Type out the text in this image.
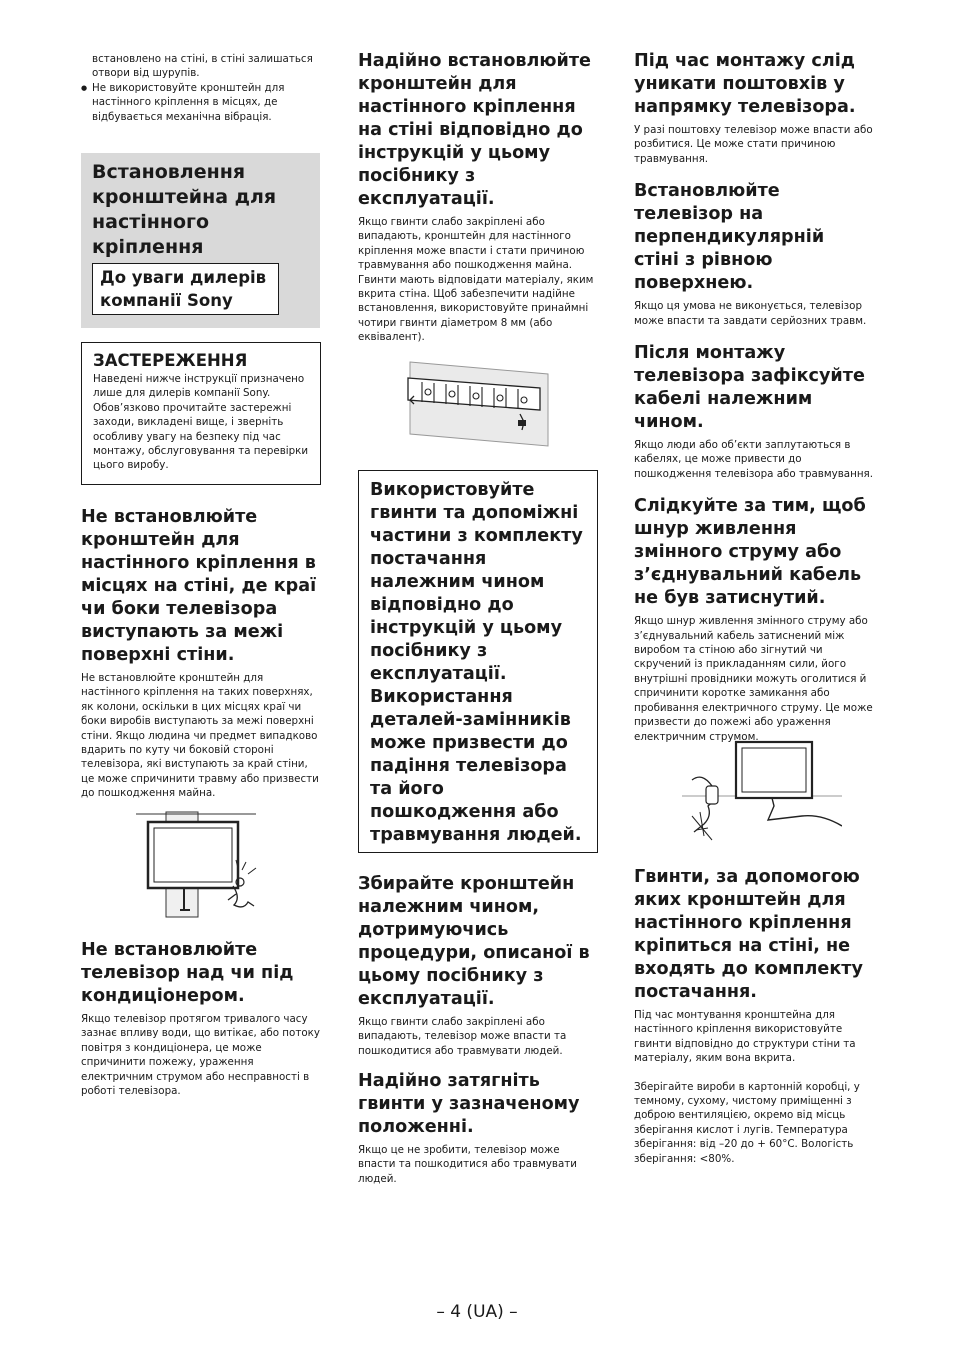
встановлено на стіні, в стіні залишаться отвори від шурупів.
● Не використовуйте кронштейн для настінного кріплення в місцях, де відбувається механічна вібрація.

Встановлення кронштейна для настінного кріплення

До уваги дилерів компанії Sony

ЗАСТЕРЕЖЕННЯ

Наведені нижче інструкції призначено лише для дилерів компанії Sony. Обов’язково прочитайте застережні заходи, викладені вище, і зверніть особливу увагу на безпеку під час монтажу, обслуговування та перевірки цього виробу.

Не встановлюйте кронштейн для настінного кріплення в місцях на стіні, де краї чи боки телевізора виступають за межі поверхні стіни.

Не встановлюйте кронштейн для настінного кріплення на таких поверхнях, як колони, оскільки в цих місцях краї чи боки виробів виступають за межі поверхні стіни. Якщо людина чи предмет випадково вдарить по куту чи боковій стороні телевізора, які виступають за край стіни, це може спричинити травму або призвести до пошкодження майна.

Не встановлюйте телевізор над чи під кондиціонером.

Якщо телевізор протягом тривалого часу зазнає впливу води, що витікає, або потоку повітря з кондиціонера, це може спричинити пожежу, ураження електричним струмом або несправності в роботі телевізора.

Надійно встановлюйте кронштейн для настінного кріплення на стіні відповідно до інструкцій у цьому посібнику з експлуатації.

Якщо гвинти слабо закріплені або випадають, кронштейн для настінного кріплення може впасти і стати причиною травмування або пошкодження майна. Гвинти мають відповідати матеріалу, яким вкрита стіна. Щоб забезпечити надійне встановлення, використовуйте принаймні чотири гвинти діаметром 8 мм (або еквівалент).

Використовуйте гвинти та допоміжні частини з комплекту постачання належним чином відповідно до інструкцій у цьому посібнику з експлуатації. Використання деталей-замінників може призвести до падіння телевізора та його пошкодження або травмування людей.

Збирайте кронштейн належним чином, дотримуючись процедури, описаної в цьому посібнику з експлуатації.

Якщо гвинти слабо закріплені або випадають, телевізор може впасти та пошкодитися або травмувати людей.

Надійно затягніть гвинти у зазначеному положенні.

Якщо це не зробити, телевізор може впасти та пошкодитися або травмувати людей.

Під час монтажу слід уникати поштовхів у напрямку телевізора.

У разі поштовху телевізор може впасти або розбитися. Це може стати причиною травмування.

Встановлюйте телевізор на перпендикулярній стіні з рівною поверхнею.

Якщо ця умова не виконується, телевізор може впасти та завдати серйозних травм.

Після монтажу телевізора зафіксуйте кабелі належним чином.

Якщо люди або об’єкти заплутаються в кабелях, це може привести до пошкодження телевізора або травмування.

Слідкуйте за тим, щоб шнур живлення змінного струму або з’єднувальний кабель не був затиснутий.

Якщо шнур живлення змінного струму або з’єднувальний кабель затиснений між виробом та стіною або зігнутий чи скручений із прикладанням сили, його внутрішні провідники можуть оголитися й спричинити коротке замикання або пробивання електричного струму. Це може призвести до пожежі або ураження електричним струмом.

Гвинти, за допомогою яких кронштейн для настінного кріплення кріпиться на стіні, не входять до комплекту постачання.

Під час монтування кронштейна для настінного кріплення використовуйте гвинти відповідно до структури стіни та матеріалу, яким вона вкрита.

Зберігайте вироби в картонній коробці, у темному, сухому, чистому приміщенні з доброю вентиляцією, окремо від місць зберігання кислот і лугів. Температура зберігання: від –20 до + 60°C. Вологість зберігання: <80%.

– 4 (UA) –
